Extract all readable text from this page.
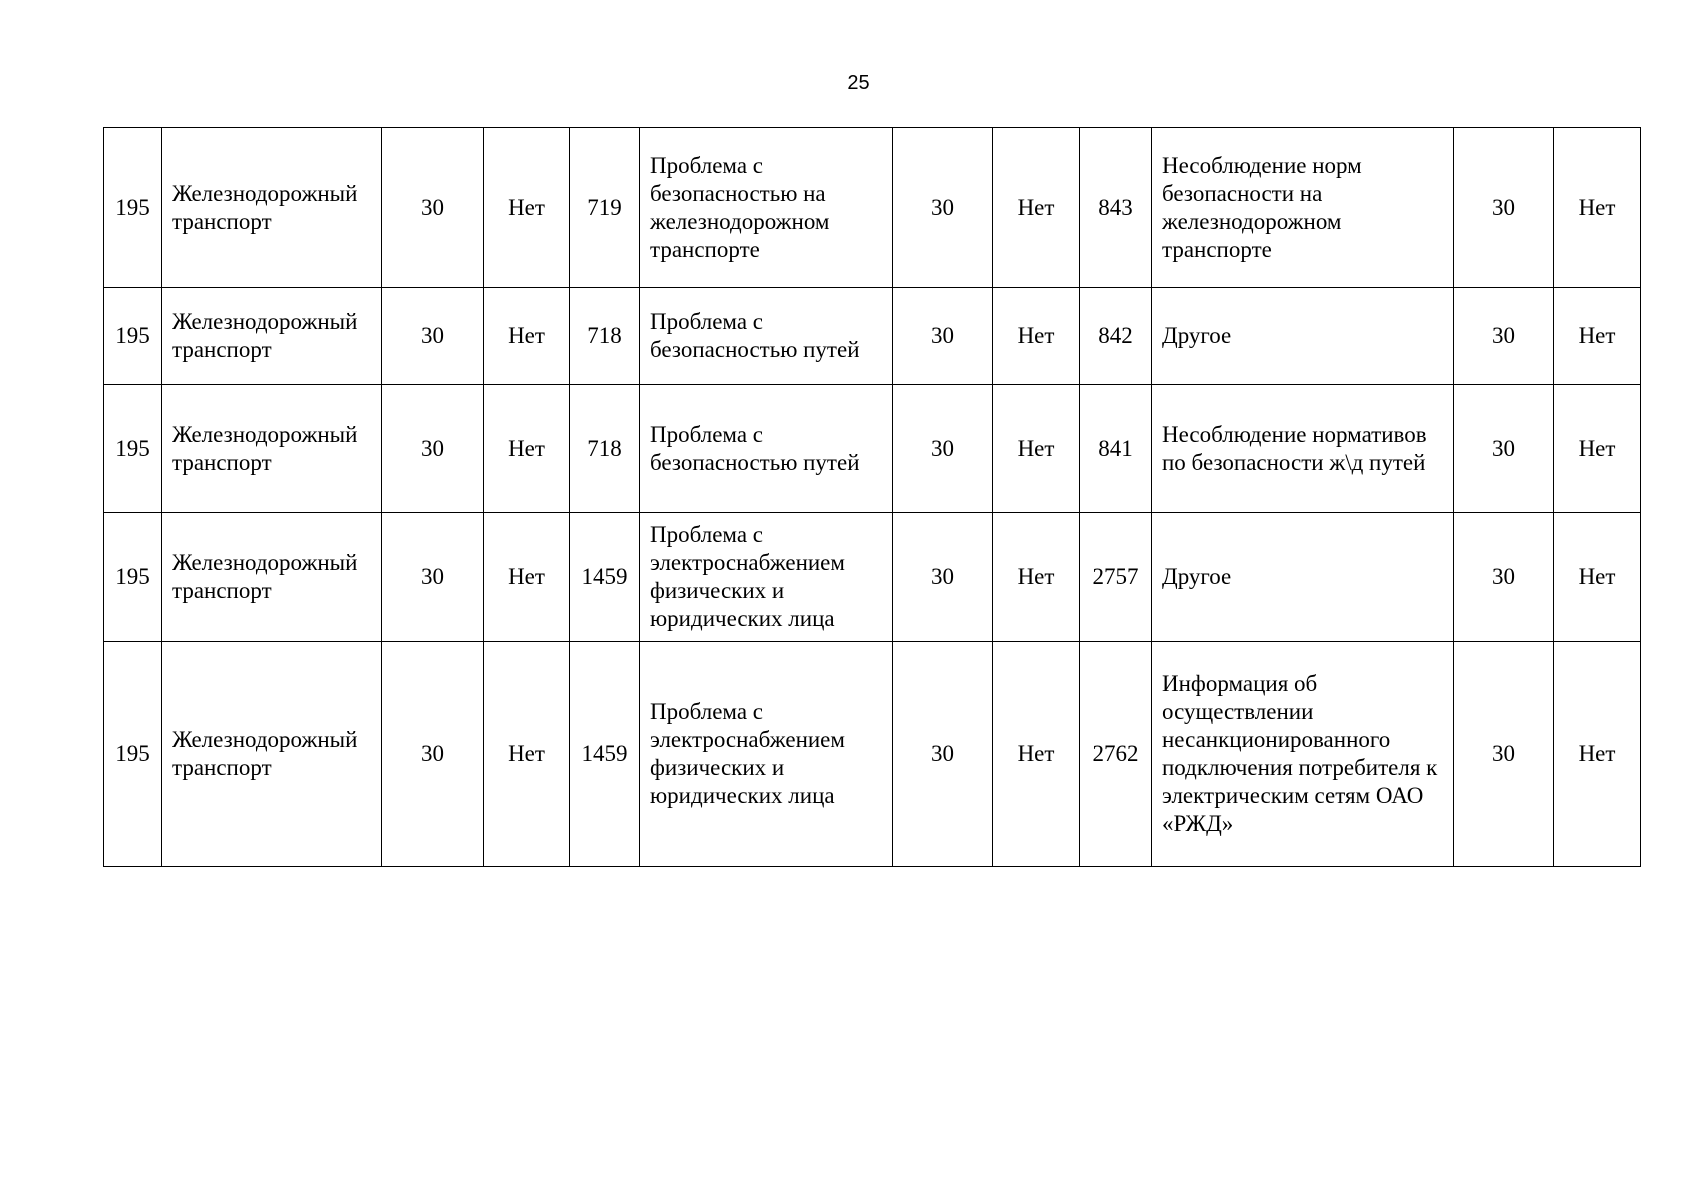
25
195	Железнодорожный транспорт	30	Нет	719	Проблема с безопасностью на железнодорожном транспорте	30	Нет	843	Несоблюдение норм безопасности на железнодорожном транспорте	30	Нет
195	Железнодорожный транспорт	30	Нет	718	Проблема с безопасностью путей	30	Нет	842	Другое	30	Нет
195	Железнодорожный транспорт	30	Нет	718	Проблема с безопасностью путей	30	Нет	841	Несоблюдение нормативов по безопасности ж\д путей	30	Нет
195	Железнодорожный транспорт	30	Нет	1459	Проблема с электроснабжением физических и юридических лица	30	Нет	2757	Другое	30	Нет
195	Железнодорожный транспорт	30	Нет	1459	Проблема с электроснабжением физических и юридических лица	30	Нет	2762	Информация об осуществлении несанкционированного подключения потребителя к электрическим сетям ОАО «РЖД»	30	Нет
